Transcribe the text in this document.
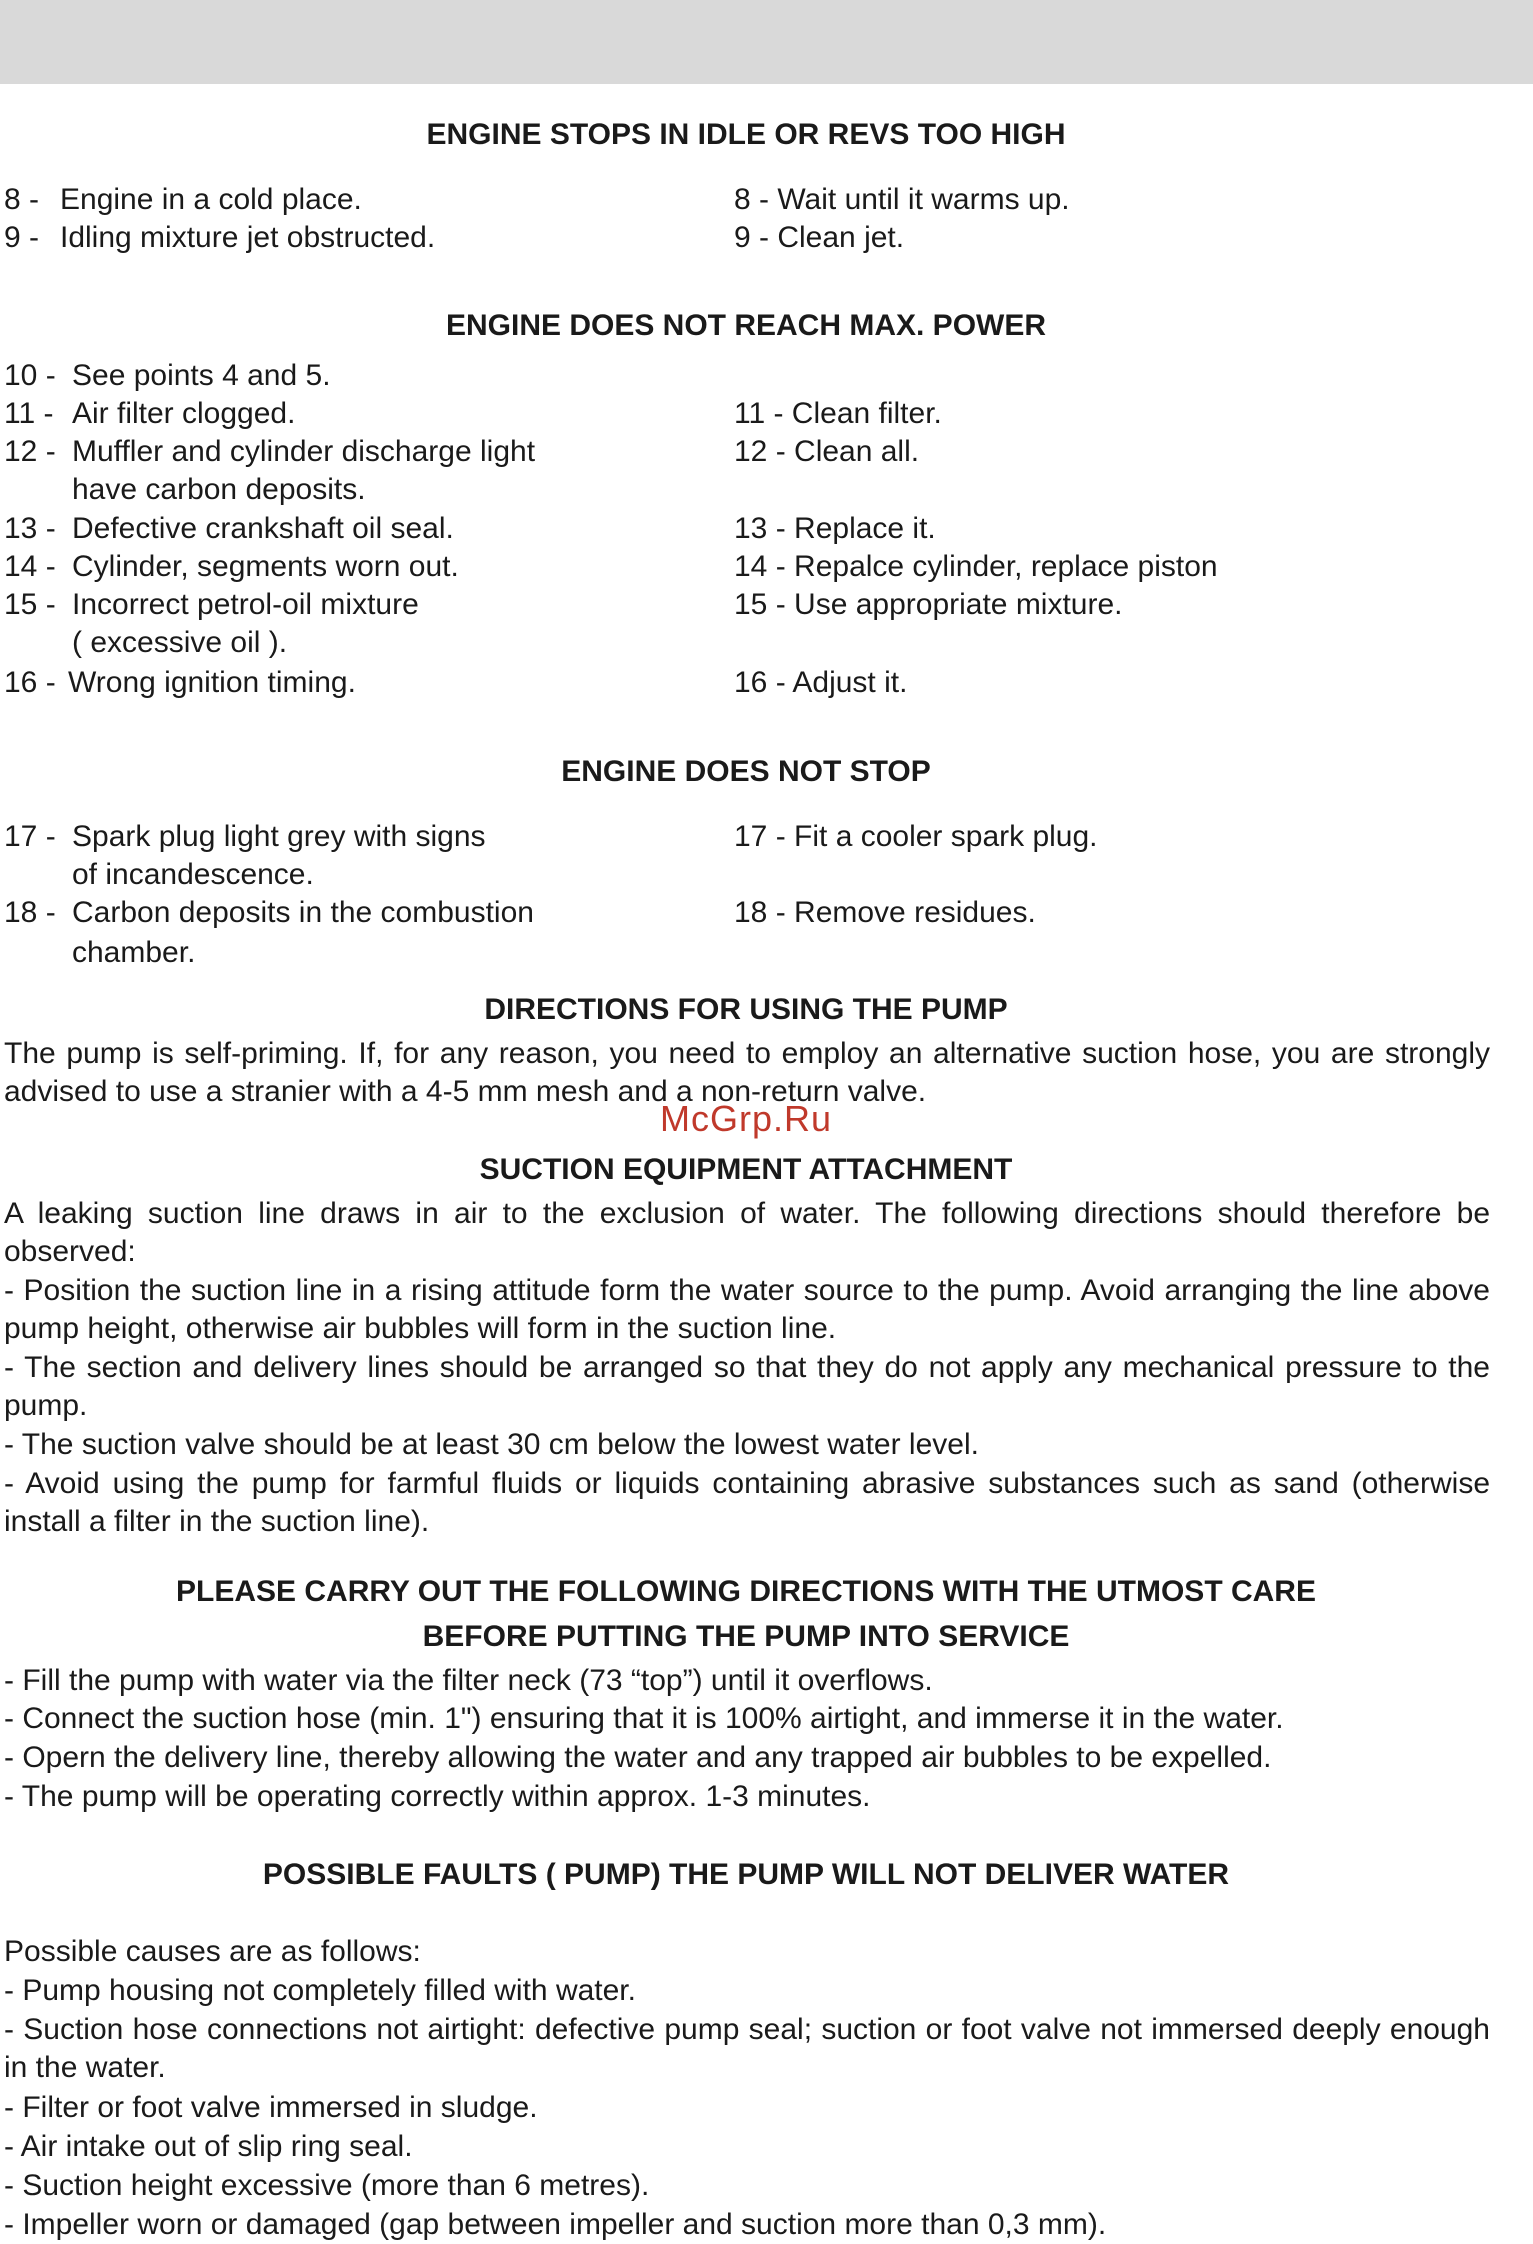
ENGINE STOPS IN IDLE OR REVS TOO HIGH
8 - Engine in a cold place.	8 - Wait until it warms up.
9 - Idling mixture jet obstructed.	9 - Clean jet.
ENGINE DOES NOT REACH MAX. POWER
10 - See points 4 and 5.
11 - Air filter clogged.	11 - Clean filter.
12 - Muffler and cylinder discharge light	12 - Clean all.
have carbon deposits.
13 - Defective crankshaft oil seal.	13 - Replace it.
14 - Cylinder, segments worn out.	14 - Repalce cylinder, replace piston
15 - Incorrect petrol-oil mixture	15 - Use appropriate mixture.
( excessive oil ).
16 - Wrong ignition timing.	16 - Adjust it.
ENGINE DOES NOT STOP
17 - Spark plug light grey with signs	17 - Fit a cooler spark plug.
of incandescence.
18 - Carbon deposits in the combustion	18 - Remove residues.
chamber.
DIRECTIONS FOR USING THE PUMP
The pump is self-priming. If, for any reason, you need to employ an alternative suction hose, you are strongly advised to use a stranier with a 4-5 mm mesh and a non-return valve.
McGrp.Ru
SUCTION EQUIPMENT ATTACHMENT
A leaking suction line draws in air to the exclusion of water. The following directions should therefore be observed:
- Position the suction line in a rising attitude form the water source to the pump. Avoid arranging the line above pump height, otherwise air bubbles will form in the suction line.
- The section and delivery lines should be arranged so that they do not apply any mechanical pressure to the pump.
- The suction valve should be at least 30 cm below the lowest water level.
- Avoid using the pump for farmful fluids or liquids containing abrasive substances such as sand (otherwise install a filter in the suction line).
PLEASE CARRY OUT THE FOLLOWING DIRECTIONS WITH THE UTMOST CARE
BEFORE PUTTING THE PUMP INTO SERVICE
- Fill the pump with water via the filter neck (73 “top”) until it overflows.
- Connect the suction hose (min. 1") ensuring that it is 100% airtight, and immerse it in the water.
- Opern the delivery line, thereby allowing the water and any trapped air bubbles to be expelled.
- The pump will be operating correctly within approx. 1-3 minutes.
POSSIBLE FAULTS ( PUMP) THE PUMP WILL NOT DELIVER WATER
Possible causes are as follows:
- Pump housing not completely filled with water.
- Suction hose connections not airtight: defective pump seal; suction or foot valve not immersed deeply enough in the water.
- Filter or foot valve immersed in sludge.
- Air intake out of slip ring seal.
- Suction height excessive (more than 6 metres).
- Impeller worn or damaged (gap between impeller and suction more than 0,3 mm).
